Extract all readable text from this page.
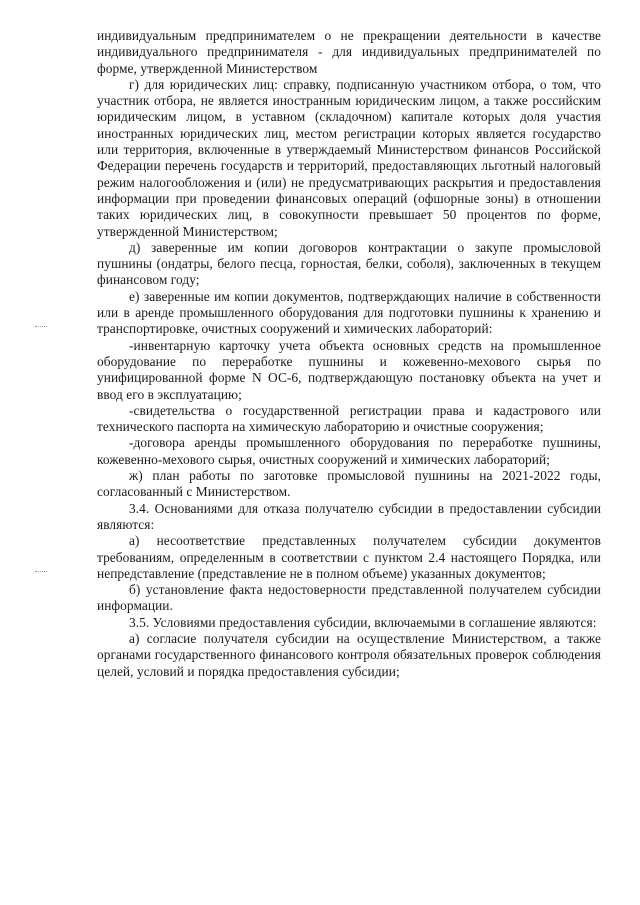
индивидуальным предпринимателем о не прекращении деятельности в качестве индивидуального предпринимателя - для индивидуальных предпринимателей по форме, утвержденной Министерством

г) для юридических лиц: справку, подписанную участником отбора, о том, что участник отбора, не является иностранным юридическим лицом, а также российским юридическим лицом, в уставном (складочном) капитале которых доля участия иностранных юридических лиц, местом регистрации которых является государство или территория, включенные в утверждаемый Министерством финансов Российской Федерации перечень государств и территорий, предоставляющих льготный налоговый режим налогообложения и (или) не предусматривающих раскрытия и предоставления информации при проведении финансовых операций (офшорные зоны) в отношении таких юридических лиц, в совокупности превышает 50 процентов по форме, утвержденной Министерством;

д) заверенные им копии договоров контрактации о закупе промысловой пушнины (ондатры, белого песца, горностая, белки, соболя), заключенных в текущем финансовом году;

е) заверенные им копии документов, подтверждающих наличие в собственности или в аренде промышленного оборудования для подготовки пушнины к хранению и транспортировке, очистных сооружений и химических лабораторий:

-инвентарную карточку учета объекта основных средств на промышленное оборудование по переработке пушнины и кожевенно-мехового сырья по унифицированной форме N ОС-6, подтверждающую постановку объекта на учет и ввод его в эксплуатацию;

-свидетельства о государственной регистрации права и кадастрового или технического паспорта на химическую лабораторию и очистные сооружения;

-договора аренды промышленного оборудования по переработке пушнины, кожевенно-мехового сырья, очистных сооружений и химических лабораторий;

ж) план работы по заготовке промысловой пушнины на 2021-2022 годы, согласованный с Министерством.

3.4. Основаниями для отказа получателю субсидии в предоставлении субсидии являются:

а) несоответствие представленных получателем субсидии документов требованиям, определенным в соответствии с пунктом 2.4 настоящего Порядка, или непредставление (представление не в полном объеме) указанных документов;

б) установление факта недостоверности представленной получателем субсидии информации.

3.5. Условиями предоставления субсидии, включаемыми в соглашение являются:

а) согласие получателя субсидии на осуществление Министерством, а также органами государственного финансового контроля обязательных проверок соблюдения целей, условий и порядка предоставления субсидии;
